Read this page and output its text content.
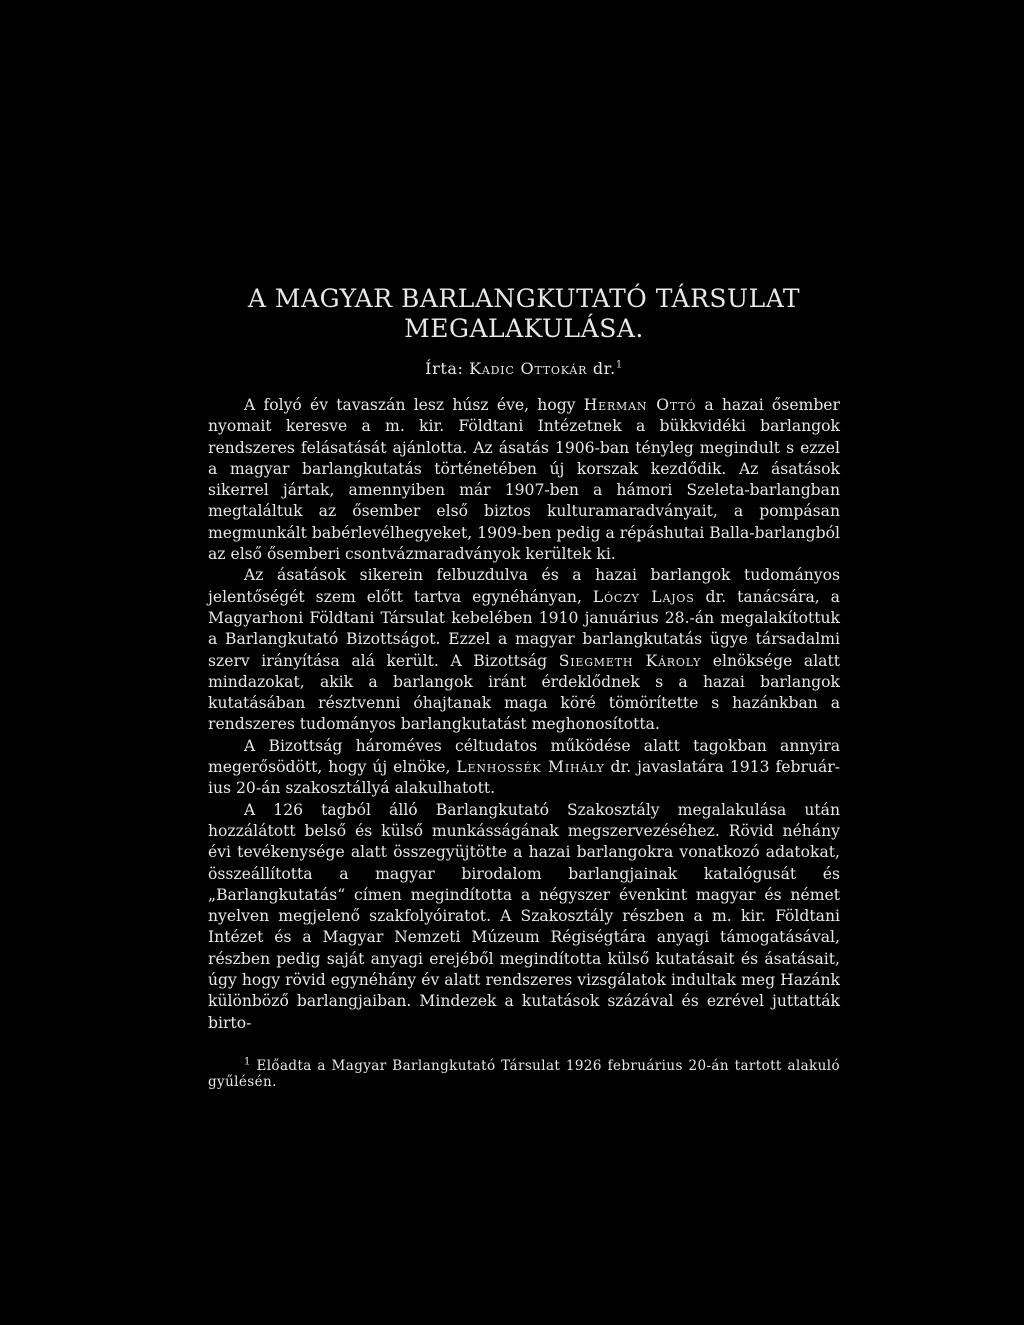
A MAGYAR BARLANGKUTATÓ TÁRSULAT
MEGALAKULÁSA.
Írta: Kadic Ottokár dr.$^1$

A folyó év tavaszán lesz húsz éve, hogy Herman Ottó a hazai ősember nyomait keresve a m. kir. Földtani Intézetnek a bükkvidéki barlangok rendszeres felásatását ajánlotta. Az ásatás 1906-ban tényleg megindult s ezzel a magyar barlangkutatás történetében új korszak kezdődik. Az ásatások sikerrel jártak, amennyiben már 1907-ben a hámori Szeleta-barlangban megtaláltuk az ősember első biztos kulturamaradványait, a pompásan megmunkált babérlevélhegyeket, 1909-ben pedig a répáshutai Balla-barlangból az első ősemberi csontvázmaradványok kerültek ki.

Az ásatások sikerein felbuzdulva és a hazai barlangok tudományos jelentőségét szem előtt tartva egynéhányan, Lóczy Lajos dr. tanácsára, a Magyarhoni Földtani Társulat kebelében 1910 januárius 28.-án megalakítottuk a Barlangkutató Bizottságot. Ezzel a magyar barlangkutatás ügye társadalmi szerv irányítása alá került. A Bizottság Siegmeth Károly elnöksége alatt mindazokat, akik a barlangok iránt érdeklődnek s a hazai barlangok kutatásában résztvenni óhajtanak maga köré tömörítette s hazánkban a rendszeres tudományos barlangkutatást meghonosította.

A Bizottság hároméves céltudatos működése alatt tagokban annyira megerősödött, hogy új elnöke, Lenhossék Mihály dr. javaslatára 1913 februárius 20-án szakosztállyá alakulhatott.

A 126 tagból álló Barlangkutató Szakosztály megalakulása után hozzálátott belső és külső munkásságának megszervezéséhez. Rövid néhány évi tevékenysége alatt összegyüjtötte a hazai barlangokra vonatkozó adatokat, összeállította a magyar birodalom barlangjainak katalógusát és „Barlangkutatás“ címen megindította a négyszer évenkint magyar és német nyelven megjelenő szakfolyóiratot. A Szakosztály részben a m. kir. Földtani Intézet és a Magyar Nemzeti Múzeum Régiségtára anyagi támogatásával, részben pedig saját anyagi erejéből megindította külső kutatásait és ásatásait, úgy hogy rövid egynéhány év alatt rendszeres vizsgálatok indultak meg Hazánk különböző barlangjaiban. Mindezek a kutatások százával és ezrével juttatták birto-

$^1$ Előadta a Magyar Barlangkutató Társulat 1926 februárius 20-án tartott alakuló gyűlésén.
